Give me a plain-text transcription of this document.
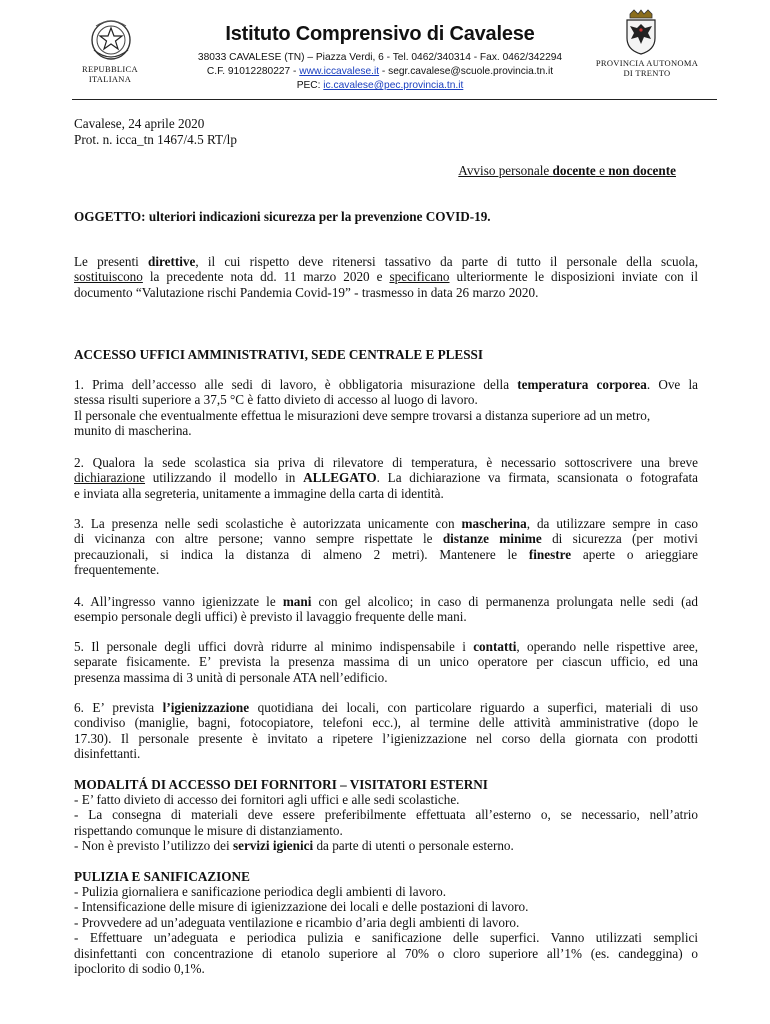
REPUBBLICA
ITALIANA
Istituto Comprensivo di Cavalese
38033 CAVALESE (TN) – Piazza Verdi, 6 - Tel. 0462/340314 - Fax. 0462/342294
C.F. 91012280227 - www.iccavalese.it - segr.cavalese@scuole.provincia.tn.it
PEC: ic.cavalese@pec.provincia.tn.it
PROVINCIA AUTONOMA
DI TRENTO
Cavalese, 24 aprile 2020
Prot. n. icca_tn 1467/4.5 RT/lp
Avviso personale docente e non docente
OGGETTO: ulteriori indicazioni sicurezza per la prevenzione COVID-19.

Le presenti direttive, il cui rispetto deve ritenersi tassativo da parte di tutto il personale della scuola,

sostituiscono la precedente nota dd. 11 marzo 2020 e specificano ulteriormente le disposizioni inviate con il

documento “Valutazione rischi Pandemia Covid-19” - trasmesso in data 26 marzo 2020.

ACCESSO UFFICI AMMINISTRATIVI, SEDE CENTRALE E PLESSI

1. Prima dell’accesso alle sedi di lavoro, è obbligatoria misurazione della temperatura corporea. Ove la

stessa risulti superiore a 37,5 °C è fatto divieto di accesso al luogo di lavoro.

Il personale che eventualmente effettua le misurazioni deve sempre trovarsi a distanza superiore ad un metro,

munito di mascherina.

2. Qualora la sede scolastica sia priva di rilevatore di temperatura, è necessario sottoscrivere una breve

dichiarazione utilizzando il modello in ALLEGATO. La dichiarazione va firmata, scansionata o fotografata

e inviata alla segreteria, unitamente a immagine della carta di identità.

3. La presenza nelle sedi scolastiche è autorizzata unicamente con mascherina, da utilizzare sempre in caso

di vicinanza con altre persone; vanno sempre rispettate le distanze minime di sicurezza (per motivi

precauzionali, si indica la distanza di almeno 2 metri). Mantenere le finestre aperte o arieggiare

frequentemente.

4. All’ingresso vanno igienizzate le mani con gel alcolico; in caso di permanenza prolungata nelle sedi (ad

esempio personale degli uffici) è previsto il lavaggio frequente delle mani.

5. Il personale degli uffici dovrà ridurre al minimo indispensabile i contatti, operando nelle rispettive aree,

separate fisicamente. E’ prevista la presenza massima di un unico operatore per ciascun ufficio, ed una

presenza massima di 3 unità di personale ATA nell’edificio.

6. E’ prevista l’igienizzazione quotidiana dei locali, con particolare riguardo a superfici, materiali di uso

condiviso (maniglie, bagni, fotocopiatore, telefoni ecc.), al termine delle attività amministrative (dopo le

17.30). Il personale presente è invitato a ripetere l’igienizzazione nel corso della giornata con prodotti

disinfettanti.

MODALITÁ DI ACCESSO DEI FORNITORI – VISITATORI ESTERNI

- E’ fatto divieto di accesso dei fornitori agli uffici e alle sedi scolastiche.

- La consegna di materiali deve essere preferibilmente effettuata all’esterno o, se necessario, nell’atrio

rispettando comunque le misure di distanziamento.

- Non è previsto l’utilizzo dei servizi igienici da parte di utenti o personale esterno.

PULIZIA E SANIFICAZIONE

- Pulizia giornaliera e sanificazione periodica degli ambienti di lavoro.

- Intensificazione delle misure di igienizzazione dei locali e delle postazioni di lavoro.

- Provvedere ad un’adeguata ventilazione e ricambio d’aria degli ambienti di lavoro.

- Effettuare un’adeguata e periodica pulizia e sanificazione delle superfici. Vanno utilizzati semplici

disinfettanti con concentrazione di etanolo superiore al 70% o cloro superiore all’1% (es. candeggina) o

ipoclorito di sodio 0,1%.
